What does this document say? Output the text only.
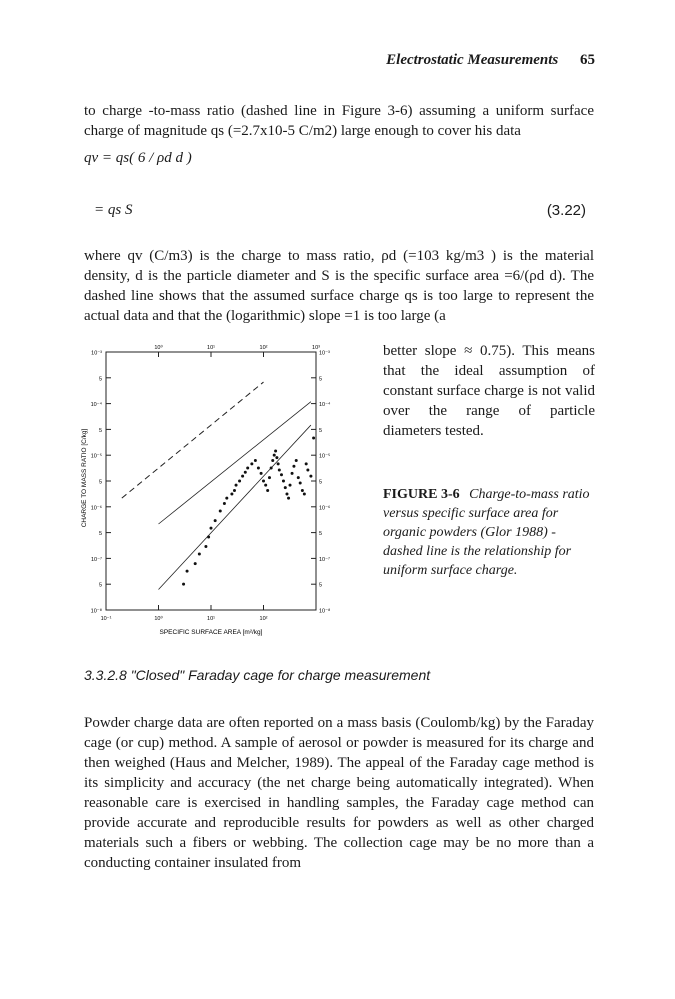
Electrostatic Measurements 65
to charge -to-mass ratio (dashed line in Figure 3-6) assuming a uniform surface charge of magnitude qs (=2.7x10-5 C/m2) large enough to cover his data
qv = qs( 6 / ρd d )
= qs S	(3.22)
where qv (C/m3) is the charge to mass ratio, ρd (=103 kg/m3 ) is the material density, d is the particle diameter and S is the specific surface area =6/(ρd d). The dashed line shows that the assumed surface charge qs is too large to represent the actual data and that the (logarithmic) slope =1 is too large (a
10⁻³
5
10⁻⁴
5
10⁻⁵
5
10⁻⁶
5
10⁻⁷
5
10⁻⁸
10⁻³
5
10⁻⁴
5
10⁻⁵
5
10⁻⁶
5
10⁻⁷
5
10⁻⁸
10⁻¹	10⁰	10¹	10²
10⁰	10¹	10²	10³
SPECIFIC SURFACE AREA [m²/kg]
CHARGE TO MASS RATIO [C/kg]
better slope ≈ 0.75). This means that the ideal assumption of constant surface charge is not valid over the range of particle diameters tested.
FIGURE 3-6 Charge-to-mass ratio versus specific surface area for organic powders (Glor 1988) - dashed line is the relationship for uniform surface charge.
3.3.2.8 "Closed" Faraday cage for charge measurement
Powder charge data are often reported on a mass basis (Coulomb/kg) by the Faraday cage (or cup) method. A sample of aerosol or powder is measured for its charge and then weighed (Haus and Melcher, 1989). The appeal of the Faraday cage method is its simplicity and accuracy (the net charge being automatically integrated). When reasonable care is exercised in handling samples, the Faraday cage method can provide accurate and reproducible results for powders as well as other charged materials such a fibers or webbing. The collection cage may be no more than a conducting container insulated from
